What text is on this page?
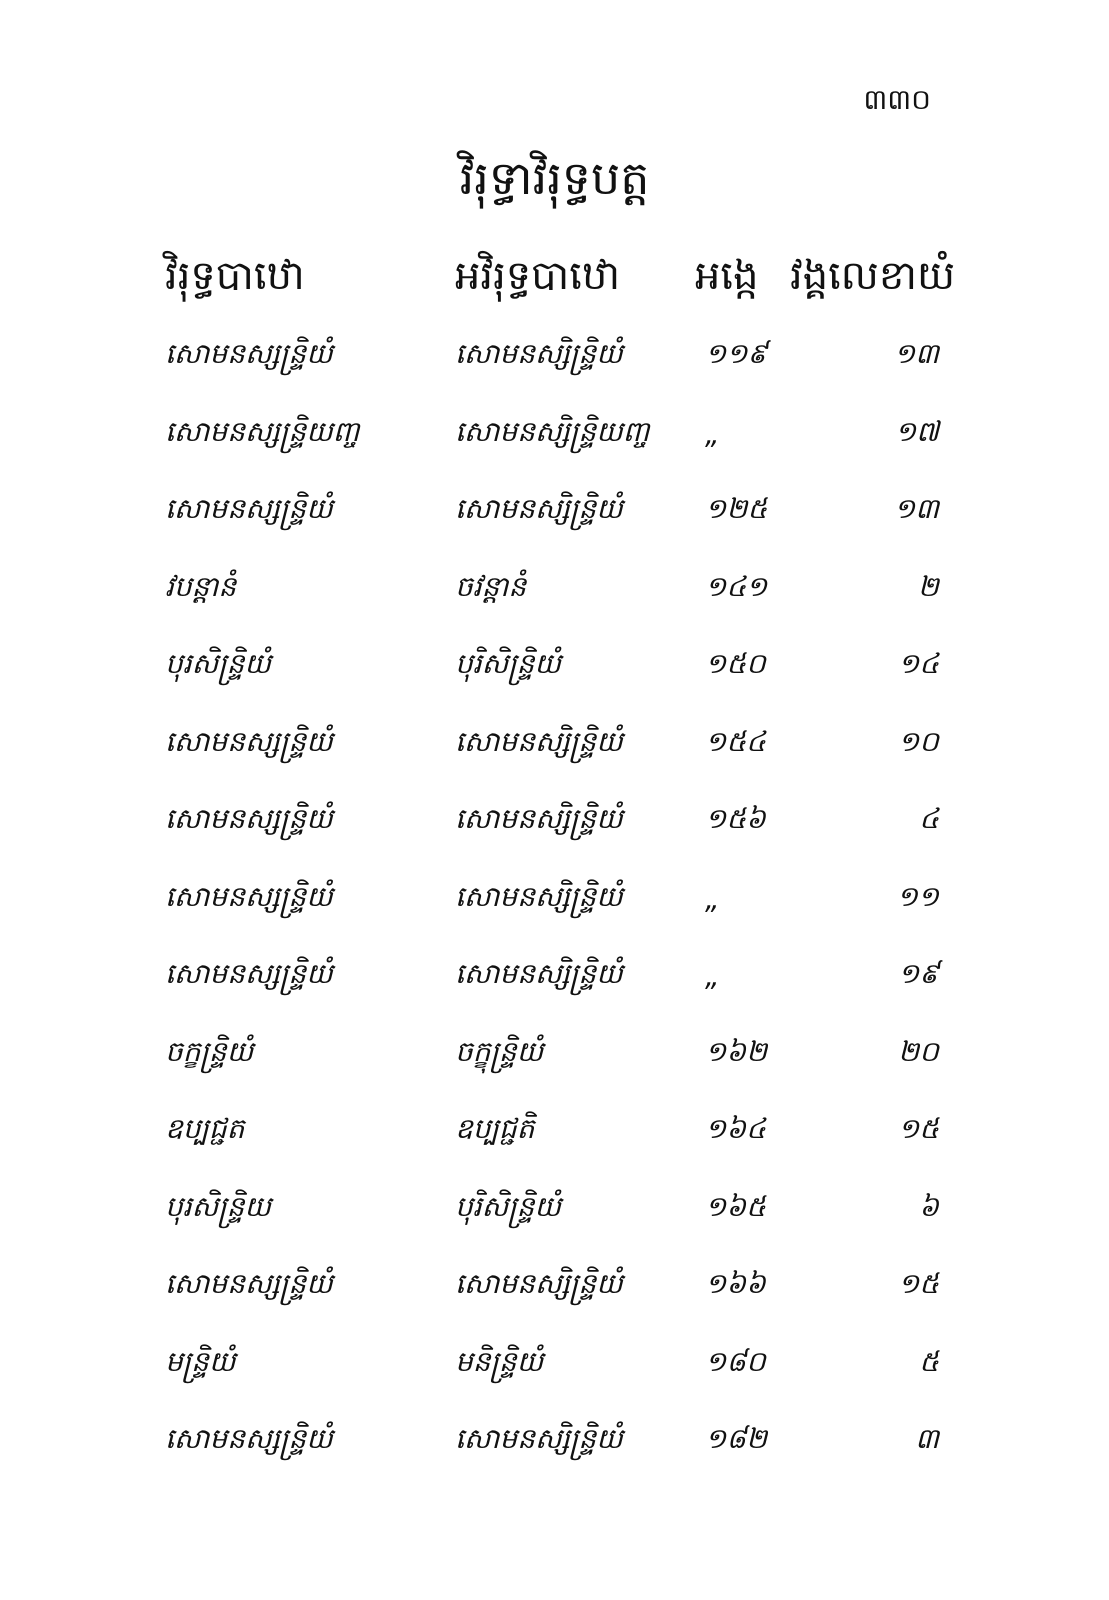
៣៣០
វិរុទ្ធាវិរុទ្ធបត្ត
វិរុទ្ធបាឋោ	អវិរុទ្ធបាឋោ	អង្កេ	វង្គលេខាយំ
សោមនស្សន្ទ្រិយំ	សោមនស្សិន្ទ្រិយំ	១១៩	១៣
សោមនស្សន្ទ្រិយញ្ច	សោមនស្សិន្ទ្រិយញ្ច	„	១៧
សោមនស្សន្ទ្រិយំ	សោមនស្សិន្ទ្រិយំ	១២៥	១៣
វបន្តានំ	ចវន្តានំ	១៤១	២
បុរសិន្ទ្រិយំ	បុរិសិន្ទ្រិយំ	១៥០	១៤
សោមនស្សន្ទ្រិយំ	សោមនស្សិន្ទ្រិយំ	១៥៤	១០
សោមនស្សន្ទ្រិយំ	សោមនស្សិន្ទ្រិយំ	១៥៦	៤
សោមនស្សន្ទ្រិយំ	សោមនស្សិន្ទ្រិយំ	„	១១
សោមនស្សន្ទ្រិយំ	សោមនស្សិន្ទ្រិយំ	„	១៩
ចក្ខន្ទ្រិយំ	ចក្ខុន្ទ្រិយំ	១៦២	២០
ឧប្បជ្ជត	ឧប្បជ្ជតិ	១៦៤	១៥
បុរសិន្ទ្រិយ	បុរិសិន្ទ្រិយំ	១៦៥	៦
សោមនស្សន្ទ្រិយំ	សោមនស្សិន្ទ្រិយំ	១៦៦	១៥
មន្ទ្រិយំ	មនិន្ទ្រិយំ	១៨០	៥
សោមនស្សន្ទ្រិយំ	សោមនស្សិន្ទ្រិយំ	១៨២	៣
